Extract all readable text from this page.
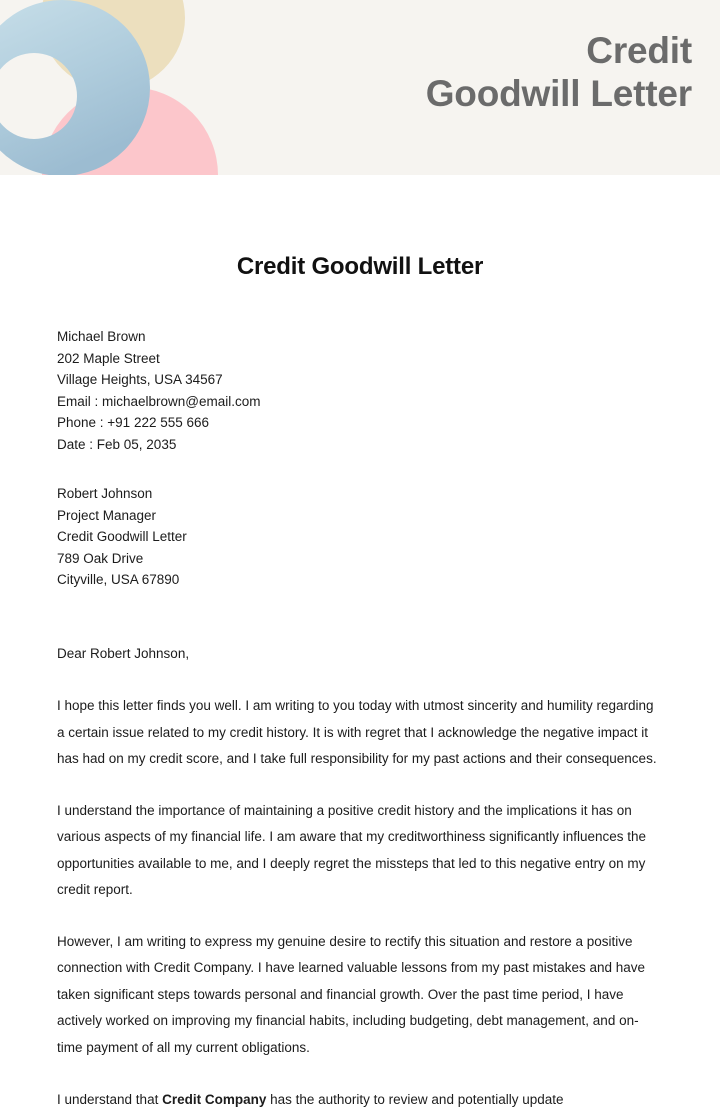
Credit
Goodwill Letter
Credit Goodwill Letter
Michael Brown
202 Maple Street
Village Heights, USA 34567
Email : michaelbrown@email.com
Phone : +91 222 555 666
Date : Feb 05, 2035
Robert Johnson
Project Manager
Credit Goodwill Letter
789 Oak Drive
Cityville, USA 67890
Dear Robert Johnson,

I hope this letter finds you well. I am writing to you today with utmost sincerity and humility regarding a certain issue related to my credit history. It is with regret that I acknowledge the negative impact it has had on my credit score, and I take full responsibility for my past actions and their consequences.

I understand the importance of maintaining a positive credit history and the implications it has on various aspects of my financial life. I am aware that my creditworthiness significantly influences the opportunities available to me, and I deeply regret the missteps that led to this negative entry on my credit report.

However, I am writing to express my genuine desire to rectify this situation and restore a positive connection with Credit Company. I have learned valuable lessons from my past mistakes and have taken significant steps towards personal and financial growth. Over the past time period, I have actively worked on improving my financial habits, including budgeting, debt management, and on-time payment of all my current obligations.

I understand that Credit Company has the authority to review and potentially update
